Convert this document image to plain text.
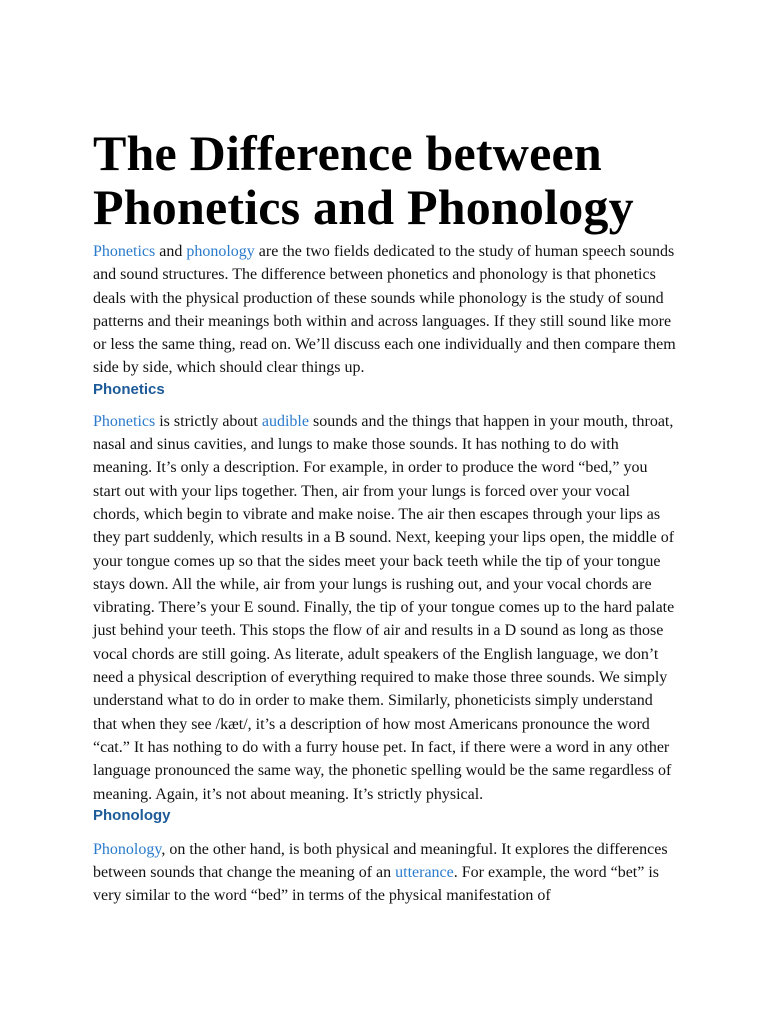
The Difference between Phonetics and Phonology

Phonetics and phonology are the two fields dedicated to the study of human speech sounds and sound structures. The difference between phonetics and phonology is that phonetics deals with the physical production of these sounds while phonology is the study of sound patterns and their meanings both within and across languages. If they still sound like more or less the same thing, read on. We’ll discuss each one individually and then compare them side by side, which should clear things up.

Phonetics

Phonetics is strictly about audible sounds and the things that happen in your mouth, throat, nasal and sinus cavities, and lungs to make those sounds. It has nothing to do with meaning. It’s only a description. For example, in order to produce the word “bed,” you start out with your lips together. Then, air from your lungs is forced over your vocal chords, which begin to vibrate and make noise. The air then escapes through your lips as they part suddenly, which results in a B sound. Next, keeping your lips open, the middle of your tongue comes up so that the sides meet your back teeth while the tip of your tongue stays down. All the while, air from your lungs is rushing out, and your vocal chords are vibrating. There’s your E sound. Finally, the tip of your tongue comes up to the hard palate just behind your teeth. This stops the flow of air and results in a D sound as long as those vocal chords are still going. As literate, adult speakers of the English language, we don’t need a physical description of everything required to make those three sounds. We simply understand what to do in order to make them. Similarly, phoneticists simply understand that when they see /kæt/, it’s a description of how most Americans pronounce the word “cat.” It has nothing to do with a furry house pet. In fact, if there were a word in any other language pronounced the same way, the phonetic spelling would be the same regardless of meaning. Again, it’s not about meaning. It’s strictly physical.

Phonology

Phonology, on the other hand, is both physical and meaningful. It explores the differences between sounds that change the meaning of an utterance. For example, the word “bet” is very similar to the word “bed” in terms of the physical manifestation of
